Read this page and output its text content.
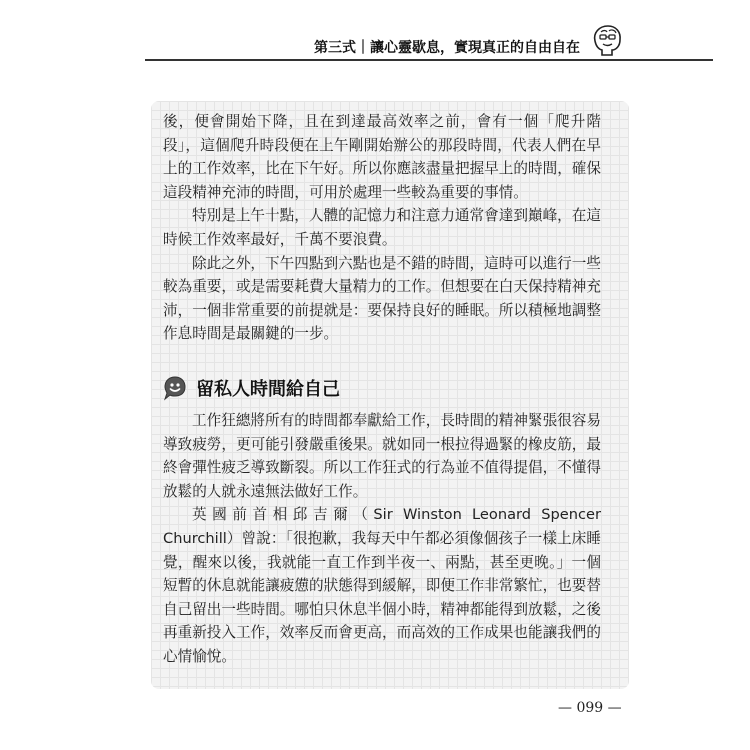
第三式｜讓心靈歇息，實現真正的自由自在

後，便會開始下降，且在到達最高效率之前，會有一個「爬升階段」，這個爬升時段便在上午剛開始辦公的那段時間，代表人們在早上的工作效率，比在下午好。所以你應該盡量把握早上的時間，確保這段精神充沛的時間，可用於處理一些較為重要的事情。

特別是上午十點，人體的記憶力和注意力通常會達到巔峰，在這時候工作效率最好，千萬不要浪費。

除此之外，下午四點到六點也是不錯的時間，這時可以進行一些較為重要，或是需要耗費大量精力的工作。但想要在白天保持精神充沛，一個非常重要的前提就是：要保持良好的睡眠。所以積極地調整作息時間是最關鍵的一步。

留私人時間給自己

工作狂總將所有的時間都奉獻給工作，長時間的精神緊張很容易導致疲勞，更可能引發嚴重後果。就如同一根拉得過緊的橡皮筋，最終會彈性疲乏導致斷裂。所以工作狂式的行為並不值得提倡，不懂得放鬆的人就永遠無法做好工作。

英國前首相邱吉爾（Sir Winston Leonard Spencer Churchill）曾說：「很抱歉，我每天中午都必須像個孩子一樣上床睡覺，醒來以後，我就能一直工作到半夜一、兩點，甚至更晚。」一個短暫的休息就能讓疲憊的狀態得到緩解，即便工作非常繁忙，也要替自己留出一些時間。哪怕只休息半個小時，精神都能得到放鬆，之後再重新投入工作，效率反而會更高，而高效的工作成果也能讓我們的心情愉悅。

— 099 —
